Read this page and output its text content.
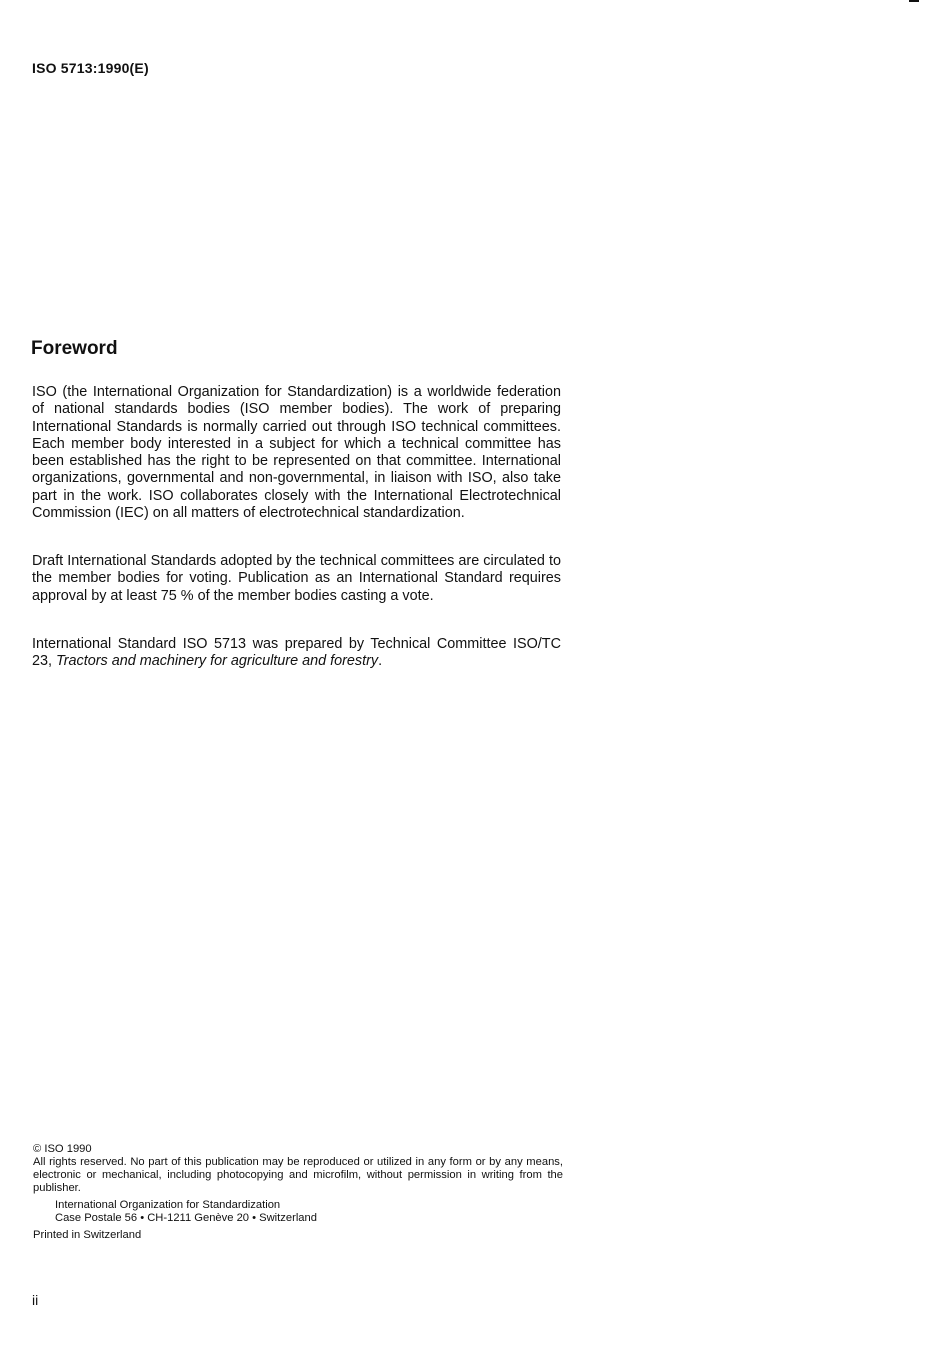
ISO 5713:1990(E)
Foreword

ISO (the International Organization for Standardization) is a worldwide federation of national standards bodies (ISO member bodies). The work of preparing International Standards is normally carried out through ISO technical committees. Each member body interested in a subject for which a technical committee has been established has the right to be represented on that committee. International organizations, governmental and non-governmental, in liaison with ISO, also take part in the work. ISO collaborates closely with the International Electrotechnical Commission (IEC) on all matters of electrotechnical standardization.

Draft International Standards adopted by the technical committees are circulated to the member bodies for voting. Publication as an International Standard requires approval by at least 75 % of the member bodies casting a vote.

International Standard ISO 5713 was prepared by Technical Committee ISO/TC 23, Tractors and machinery for agriculture and forestry.

© ISO 1990
All rights reserved. No part of this publication may be reproduced or utilized in any form or by any means, electronic or mechanical, including photocopying and microfilm, without permission in writing from the publisher.
International Organization for Standardization
Case Postale 56 • CH-1211 Genève 20 • Switzerland
Printed in Switzerland
ii
